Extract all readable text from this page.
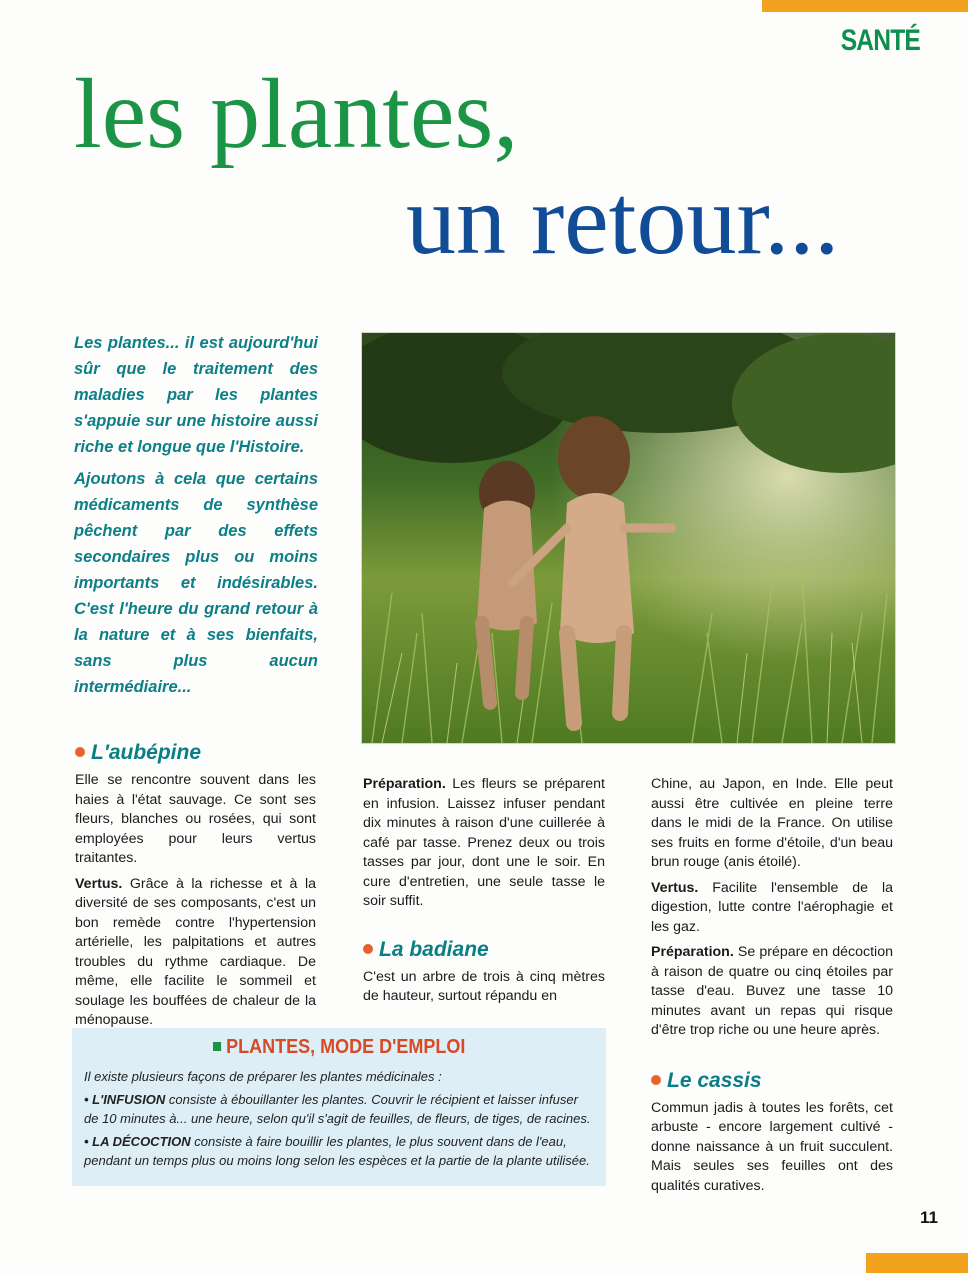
SANTÉ
les plantes,
un retour...

Les plantes... il est aujourd'hui sûr que le traitement des maladies par les plantes s'appuie sur une histoire aussi riche et longue que l'Histoire.

Ajoutons à cela que certains médicaments de synthèse pêchent par des effets secondaires plus ou moins importants et indésirables. C'est l'heure du grand retour à la nature et à ses bienfaits, sans plus aucun intermédiaire...

L'aubépine

Elle se rencontre souvent dans les haies à l'état sauvage. Ce sont ses fleurs, blanches ou rosées, qui sont employées pour leurs vertus traitantes.

Vertus. Grâce à la richesse et à la diversité de ses composants, c'est un bon remède contre l'hypertension artérielle, les palpitations et autres troubles du rythme cardiaque. De même, elle facilite le sommeil et soulage les bouffées de chaleur de la ménopause.

Préparation. Les fleurs se préparent en infusion. Laissez infuser pendant dix minutes à raison d'une cuillerée à café par tasse. Prenez deux ou trois tasses par jour, dont une le soir. En cure d'entretien, une seule tasse le soir suffit.

La badiane

C'est un arbre de trois à cinq mètres de hauteur, surtout répandu en

Chine, au Japon, en Inde. Elle peut aussi être cultivée en pleine terre dans le midi de la France. On utilise ses fruits en forme d'étoile, d'un beau brun rouge (anis étoilé).

Vertus. Facilite l'ensemble de la digestion, lutte contre l'aérophagie et les gaz.

Préparation. Se prépare en décoction à raison de quatre ou cinq étoiles par tasse d'eau. Buvez une tasse 10 minutes avant un repas qui risque d'être trop riche ou une heure après.

Le cassis

Commun jadis à toutes les forêts, cet arbuste - encore largement cultivé - donne naissance à un fruit succulent. Mais seules ses feuilles ont des qualités curatives.

PLANTES, MODE D'EMPLOI

Il existe plusieurs façons de préparer les plantes médicinales :

• L'INFUSION consiste à ébouillanter les plantes. Couvrir le récipient et laisser infuser de 10 minutes à... une heure, selon qu'il s'agit de feuilles, de fleurs, de tiges, de racines.

• LA DÉCOCTION consiste à faire bouillir les plantes, le plus souvent dans de l'eau, pendant un temps plus ou moins long selon les espèces et la partie de la plante utilisée.

11
